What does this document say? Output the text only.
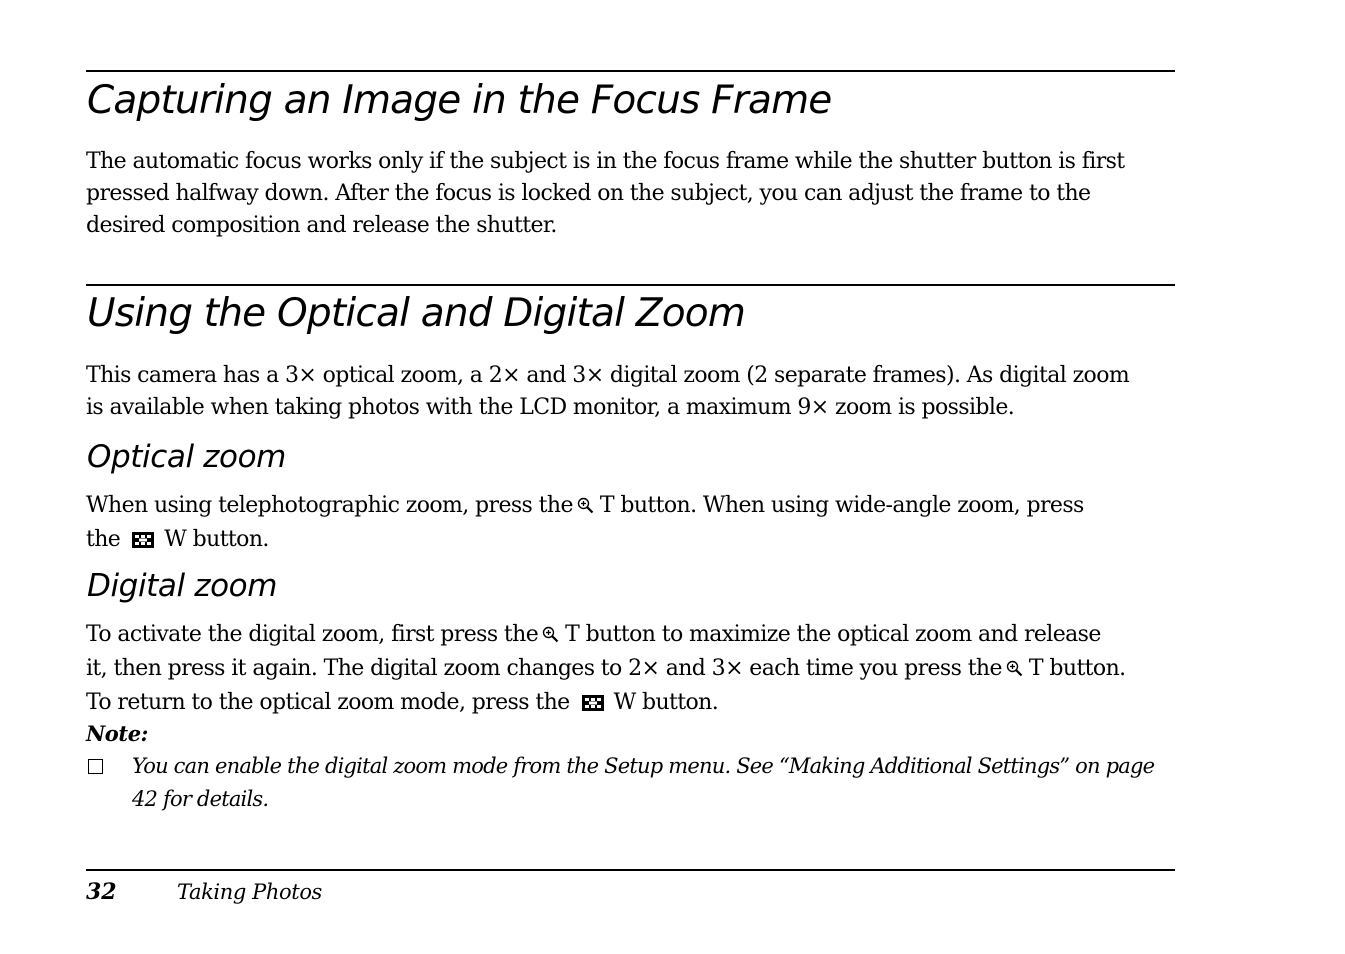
Capturing an Image in the Focus Frame

The automatic focus works only if the subject is in the focus frame while the shutter button is first
pressed halfway down. After the focus is locked on the subject, you can adjust the frame to the
desired composition and release the shutter.

Using the Optical and Digital Zoom

This camera has a 3× optical zoom, a 2× and 3× digital zoom (2 separate frames). As digital zoom
is available when taking photos with the LCD monitor, a maximum 9× zoom is possible.

Optical zoom

When using telephotographic zoom, press the T button. When using wide-angle zoom, press
the W button.

Digital zoom

To activate the digital zoom, first press the T button to maximize the optical zoom and release
it, then press it again. The digital zoom changes to 2× and 3× each time you press the T button.
To return to the optical zoom mode, press the W button.

Note:

You can enable the digital zoom mode from the Setup menu. See “Making Additional Settings” on page
42 for details.

32	Taking Photos
